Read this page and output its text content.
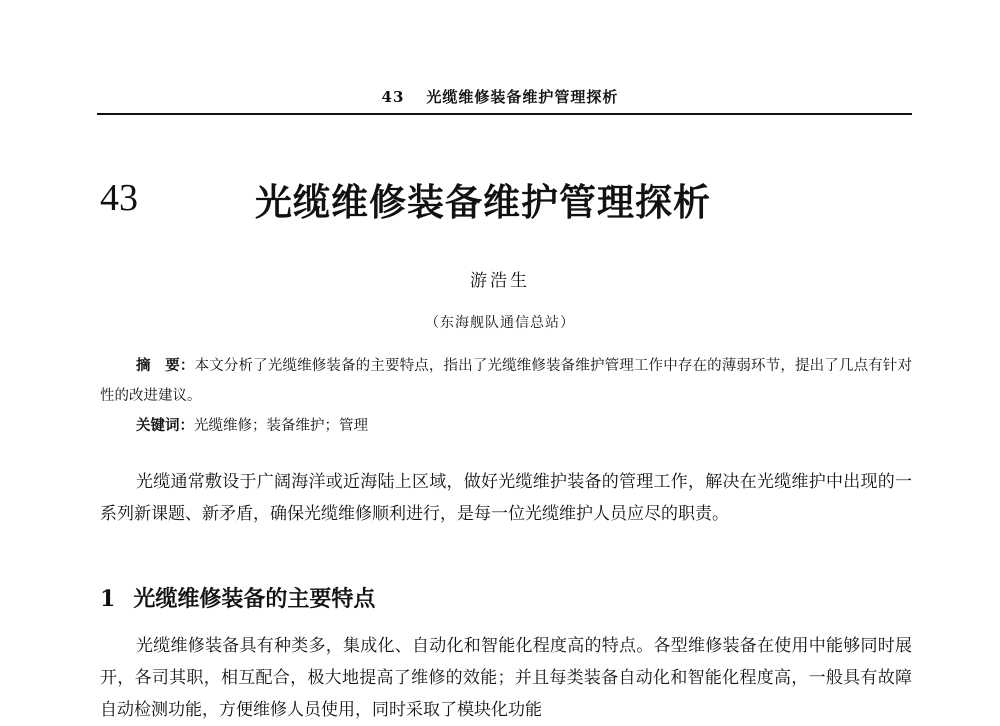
43 光缆维修装备维护管理探析
43	光缆维修装备维护管理探析
游浩生
（东海舰队通信总站）

摘　要：本文分析了光缆维修装备的主要特点，指出了光缆维修装备维护管理工作中存在的薄弱环节，提出了几点有针对性的改进建议。

关键词：光缆维修；装备维护；管理

光缆通常敷设于广阔海洋或近海陆上区域，做好光缆维护装备的管理工作，解决在光缆维护中出现的一系列新课题、新矛盾，确保光缆维修顺利进行，是每一位光缆维护人员应尽的职责。

1 光缆维修装备的主要特点

光缆维修装备具有种类多，集成化、自动化和智能化程度高的特点。各型维修装备在使用中能够同时展开，各司其职，相互配合，极大地提高了维修的效能；并且每类装备自动化和智能化程度高，一般具有故障自动检测功能，方便维修人员使用，同时采取了模块化功能
